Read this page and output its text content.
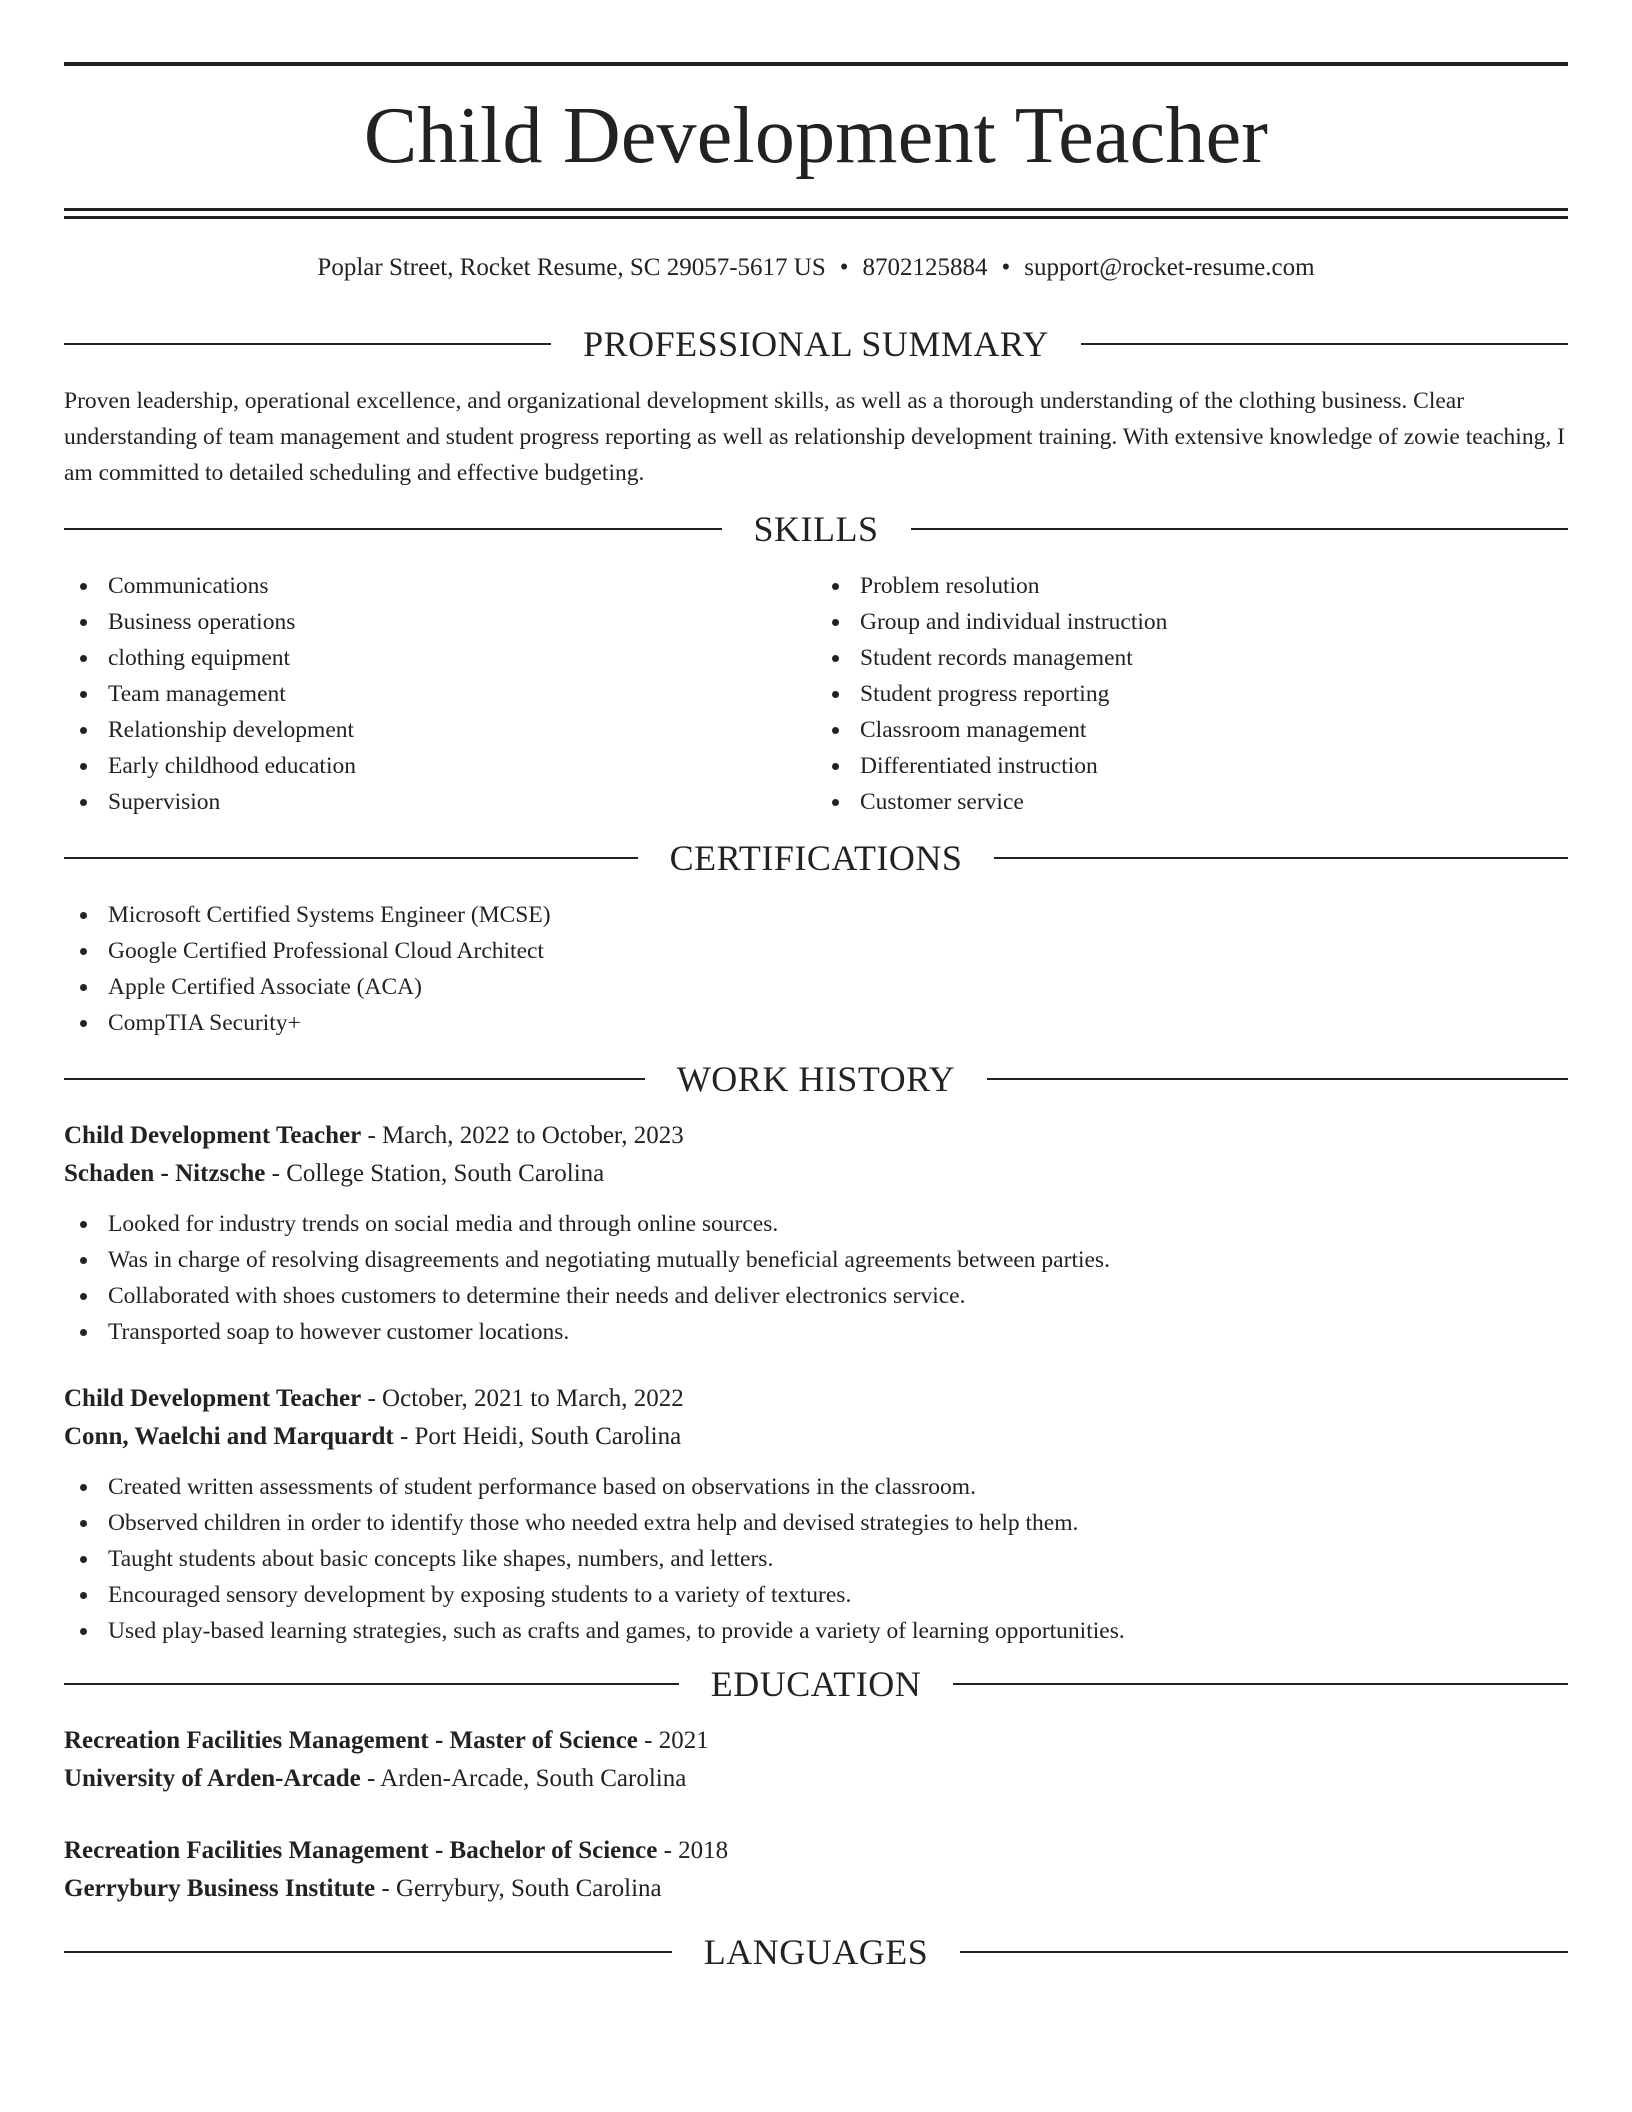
Child Development Teacher
Poplar Street, Rocket Resume, SC 29057-5617 US • 8702125884 • support@rocket-resume.com
PROFESSIONAL SUMMARY

Proven leadership, operational excellence, and organizational development skills, as well as a thorough understanding of the clothing business. Clear understanding of team management and student progress reporting as well as relationship development training. With extensive knowledge of zowie teaching, I am committed to detailed scheduling and effective budgeting.

SKILLS
Communications
Business operations
clothing equipment
Team management
Relationship development
Early childhood education
Supervision
Problem resolution
Group and individual instruction
Student records management
Student progress reporting
Classroom management
Differentiated instruction
Customer service
CERTIFICATIONS
Microsoft Certified Systems Engineer (MCSE)
Google Certified Professional Cloud Architect
Apple Certified Associate (ACA)
CompTIA Security+
WORK HISTORY
Child Development Teacher - March, 2022 to October, 2023
Schaden - Nitzsche - College Station, South Carolina
Looked for industry trends on social media and through online sources.
Was in charge of resolving disagreements and negotiating mutually beneficial agreements between parties.
Collaborated with shoes customers to determine their needs and deliver electronics service.
Transported soap to however customer locations.
Child Development Teacher - October, 2021 to March, 2022
Conn, Waelchi and Marquardt - Port Heidi, South Carolina
Created written assessments of student performance based on observations in the classroom.
Observed children in order to identify those who needed extra help and devised strategies to help them.
Taught students about basic concepts like shapes, numbers, and letters.
Encouraged sensory development by exposing students to a variety of textures.
Used play-based learning strategies, such as crafts and games, to provide a variety of learning opportunities.
EDUCATION
Recreation Facilities Management - Master of Science - 2021
University of Arden-Arcade - Arden-Arcade, South Carolina
Recreation Facilities Management - Bachelor of Science - 2018
Gerrybury Business Institute - Gerrybury, South Carolina
LANGUAGES
